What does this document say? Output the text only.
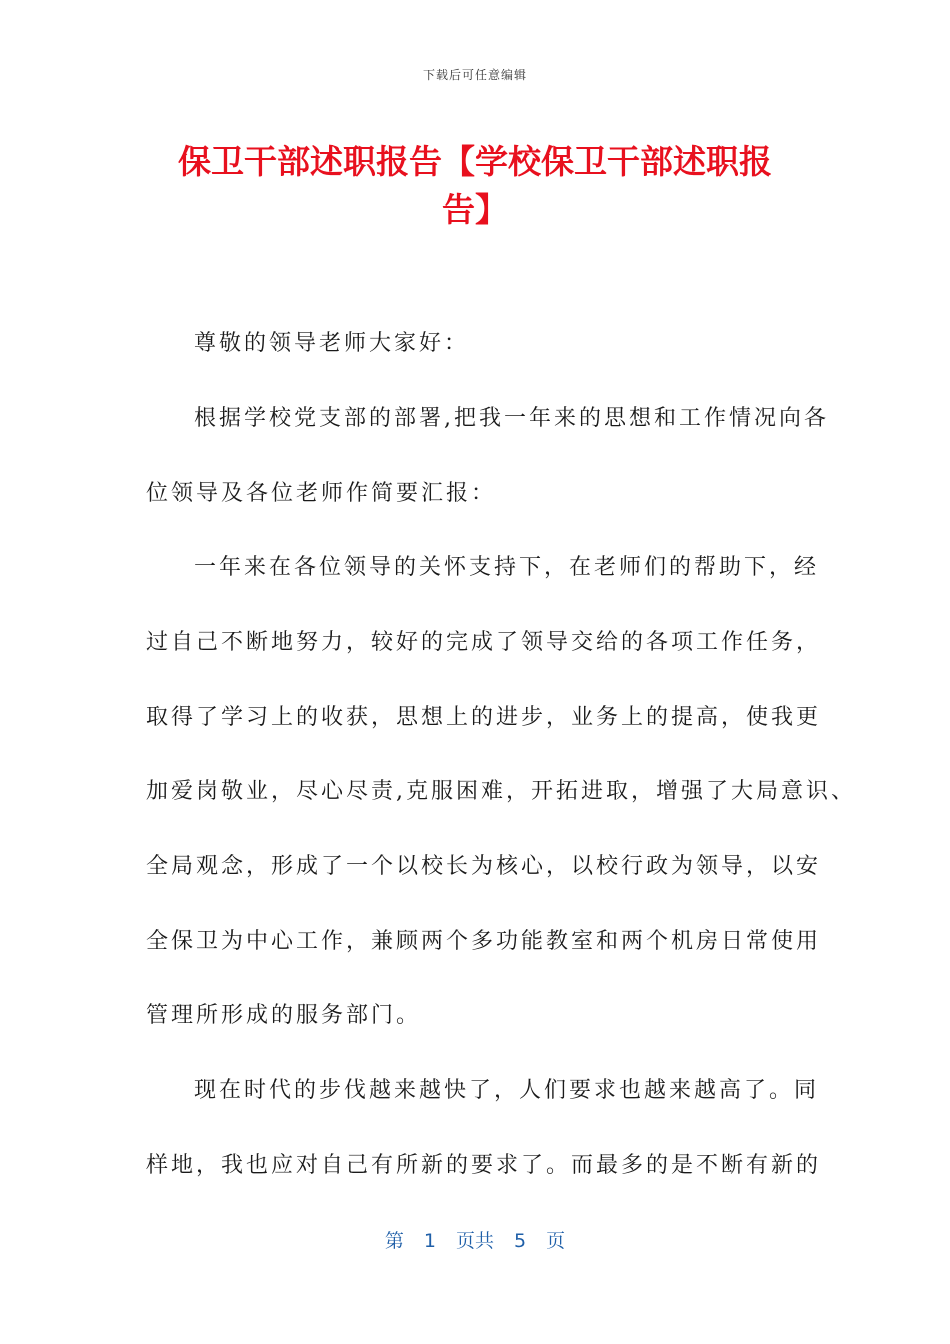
下载后可任意编辑
保卫干部述职报告【学校保卫干部述职报
告】
尊敬的领导老师大家好：
根据学校党支部的部署,把我一年来的思想和工作情况向各
位领导及各位老师作简要汇报：
一年来在各位领导的关怀支持下，在老师们的帮助下，经
过自己不断地努力，较好的完成了领导交给的各项工作任务，
取得了学习上的收获，思想上的进步，业务上的提高，使我更
加爱岗敬业，尽心尽责,克服困难，开拓进取，增强了大局意识、
全局观念，形成了一个以校长为核心，以校行政为领导，以安
全保卫为中心工作，兼顾两个多功能教室和两个机房日常使用
管理所形成的服务部门。
现在时代的步伐越来越快了，人们要求也越来越高了。同
样地，我也应对自己有所新的要求了。而最多的是不断有新的
第 1 页共 5 页
